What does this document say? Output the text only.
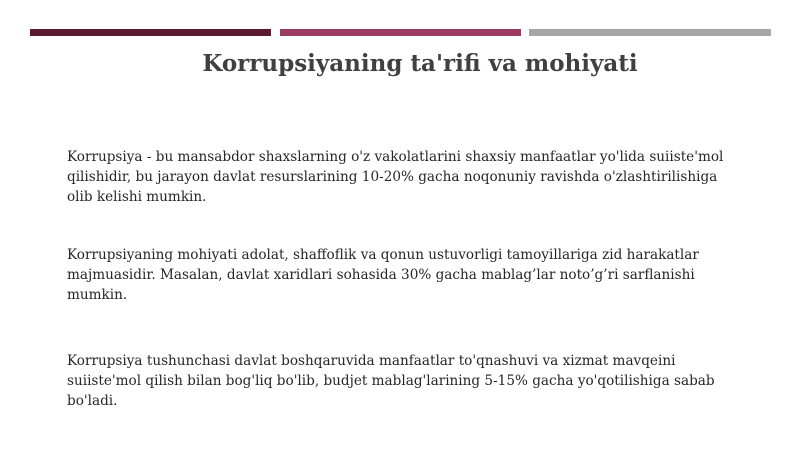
Korrupsiyaning ta'rifi va mohiyati
Korrupsiya - bu mansabdor shaxslarning o'z vakolatlarini shaxsiy manfaatlar yo'lida suiiste'mol qilishidir, bu jarayon davlat resurslarining 10-20% gacha noqonuniy ravishda o'zlashtirilishiga olib kelishi mumkin.
Korrupsiyaning mohiyati adolat, shaffoflik va qonun ustuvorligi tamoyillariga zid harakatlar majmuasidir. Masalan, davlat xaridlari sohasida 30% gacha mablag’lar noto’g’ri sarflanishi mumkin.
Korrupsiya tushunchasi davlat boshqaruvida manfaatlar to'qnashuvi va xizmat mavqeini suiiste'mol qilish bilan bog'liq bo'lib, budjet mablag'larining 5-15% gacha yo'qotilishiga sabab bo'ladi.
